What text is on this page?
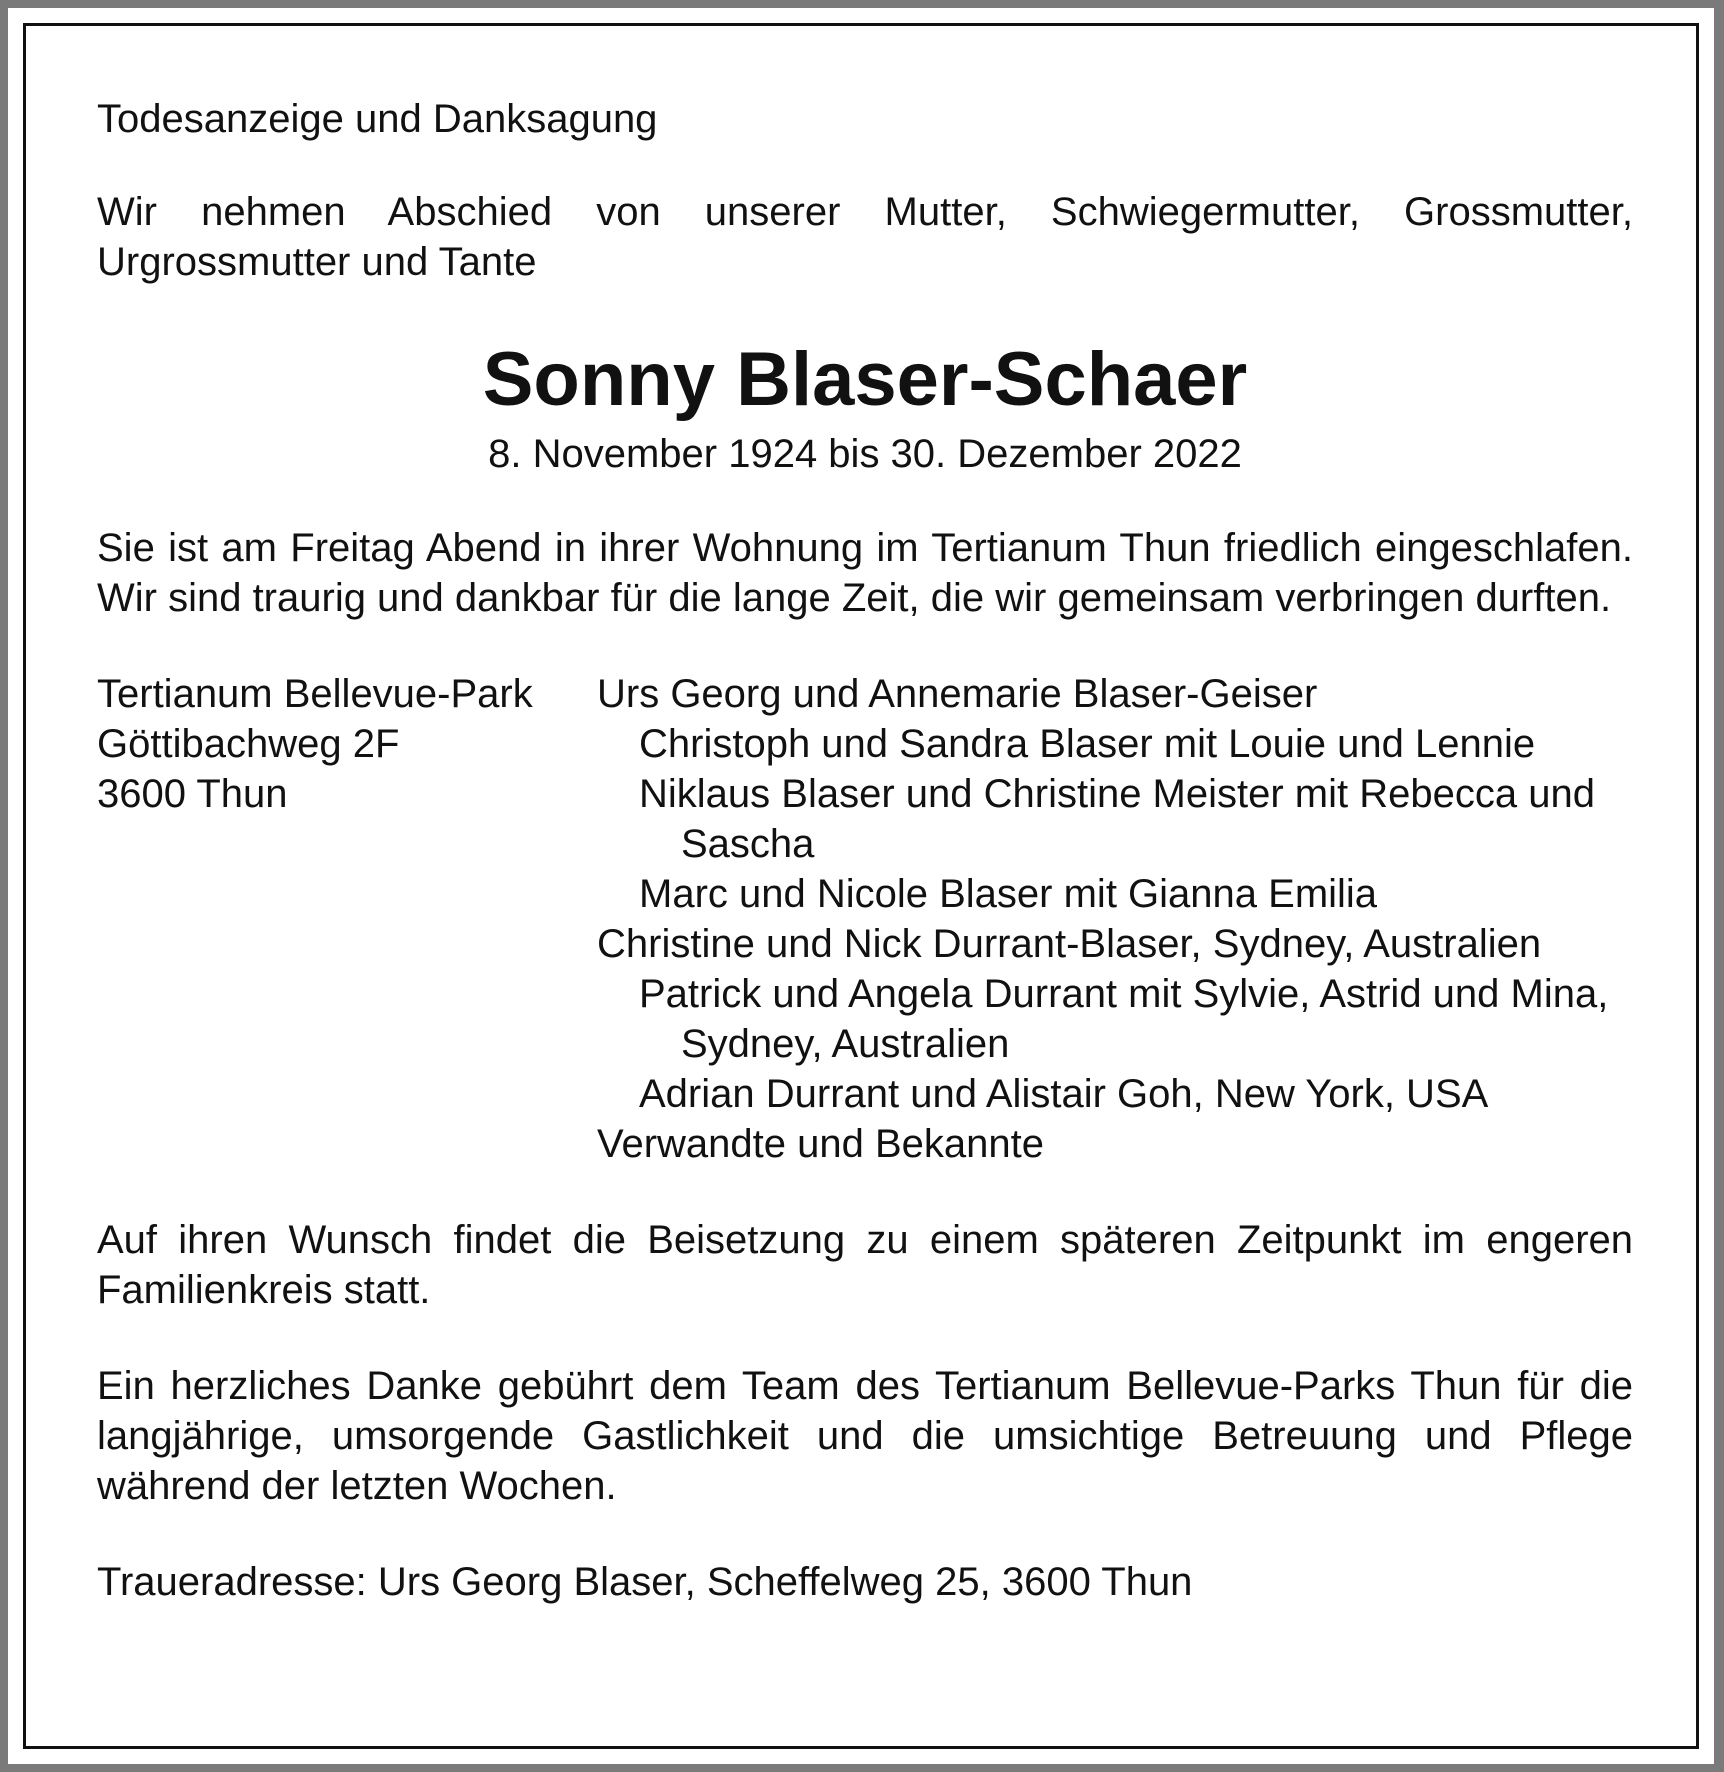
Todesanzeige und Danksagung

Wir nehmen Abschied von unserer Mutter, Schwiegermutter, Grossmutter, Urgrossmutter und Tante

Sonny Blaser-Schaer

8. November 1924 bis 30. Dezember 2022

Sie ist am Freitag Abend in ihrer Wohnung im Tertianum Thun friedlich eingeschlafen. Wir sind traurig und dankbar für die lange Zeit, die wir gemeinsam verbringen durften.

Tertianum Bellevue-Park

Göttibachweg 2F

3600 Thun

Urs Georg und Annemarie Blaser-Geiser

Christoph und Sandra Blaser mit Louie und Lennie

Niklaus Blaser und Christine Meister mit Rebecca und Sascha

Marc und Nicole Blaser mit Gianna Emilia

Christine und Nick Durrant-Blaser, Sydney, Australien

Patrick und Angela Durrant mit Sylvie, Astrid und Mina, Sydney, Australien

Adrian Durrant und Alistair Goh, New York, USA

Verwandte und Bekannte

Auf ihren Wunsch findet die Beisetzung zu einem späteren Zeitpunkt im engeren Familienkreis statt.

Ein herzliches Danke gebührt dem Team des Tertianum Bellevue-Parks Thun für die langjährige, umsorgende Gastlichkeit und die umsichtige Betreuung und Pflege während der letzten Wochen.

Traueradresse: Urs Georg Blaser, Scheffelweg 25, 3600 Thun
